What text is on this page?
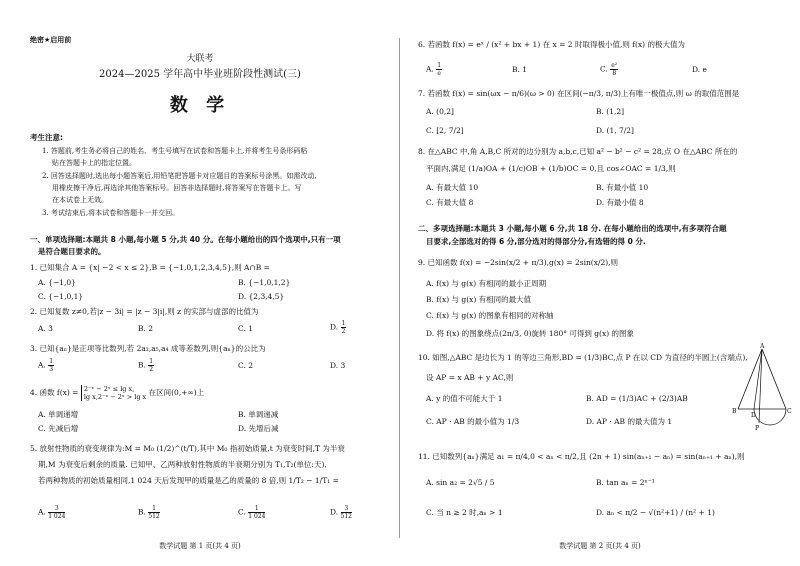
绝密★启用前
大联考
2024—2025 学年高中毕业班阶段性测试(三)
数 学
考生注意:
1. 答题前,考生务必将自己的姓名、考生号填写在试卷和答题卡上,并将考生号条形码粘
贴在答题卡上的指定位置。
2. 回答选择题时,选出每小题答案后,用铅笔把答题卡对应题目的答案标号涂黑。如需改动,
用橡皮擦干净后,再选涂其他答案标号。回答非选择题时,将答案写在答题卡上。写
在本试卷上无效。
3. 考试结束后,将本试卷和答题卡一并交回。
一、单项选择题:本题共 8 小题,每小题 5 分,共 40 分。在每小题给出的四个选项中,只有一项
是符合题目要求的。
1. 已知集合 A = {x| −2 < x ≤ 2},B = {−1,0,1,2,3,4,5},则 A∩B =
A. {−1,0}	B. {−1,0,1,2}
C. {−1,0,1}	D. {2,3,4,5}
2. 已知复数 z≠0,若|z − 3i| = |z − 3|i|,则 z 的实部与虚部的比值为
A. 3	B. 2	C. 1	D. $\frac{1}{2}$
3. 已知{aₙ}是正项等比数列,若 2a₃,a₅,a₄ 成等差数列,则{aₙ}的公比为
A. $\frac{1}{3}$	B. $\frac{1}{2}$	C. 2	D. 3
4. 函数 f(x) = 2⁻ˣ − 2ˣ ≤ lg x,
lg x,2⁻ˣ − 2ˣ > lg x 在区间(0,+∞)上
A. 单调递增	B. 单调递减
C. 先减后增	D. 先增后减
5. 放射性物质的衰变规律为:M = M₀ (1/2)^(t/T),其中 M₀ 指初始质量,t 为衰变时间,T 为半衰
期,M 为衰变后剩余的质量. 已知甲、乙两种放射性物质的半衰期分别为 T₁,T₂(单位:天),
若两种物质的初始质量相同,1 024 天后发现甲的质量是乙的质量的 8 倍,则 1/T₂ − 1/T₁ =
A. $\frac{3}{1 024}$	B. $\frac{1}{512}$	C. $\frac{1}{1 024}$	D. $\frac{3}{512}$
数学试题 第 1 页(共 4 页)
6. 若函数 f(x) = eˣ / (x² + bx + 1) 在 x = 2 时取得极小值,则 f(x) 的极大值为
A. $\frac{1}{e}$	B. 1	C. $\frac{\text{e²}}{8}$	D. e
7. 若函数 f(x) = sin(ωx − π/6)(ω > 0) 在区间(−π/3, π/3)上有唯一极值点,则 ω 的取值范围是
A. (0,2]	B. (1,2]
C. [2, 7/2]	D. (1, 7/2]
8. 在△ABC 中,角 A,B,C 所对的边分别为 a,b,c,已知 a² − b² − c² = 28,点 O 在△ABC 所在的
平面内,满足 (1/a)OA + (1/c)OB + (1/b)OC = 0,且 cos∠OAC = 1/3,则
A. 有最大值 10	B. 有最小值 10
C. 有最大值 8	D. 有最小值 8
二、多项选择题:本题共 3 小题,每小题 6 分,共 18 分. 在每小题给出的选项中,有多项符合题
目要求,全部选对的得 6 分,部分选对的得部分分,有选错的得 0 分.
9. 已知函数 f(x) = −2sin(x/2 + π/3),g(x) = 2sin(x/2),则
A. f(x) 与 g(x) 有相同的最小正周期
B. f(x) 与 g(x) 有相同的最大值
C. f(x) 与 g(x) 的图象有相同的对称轴
D. 将 f(x) 的图象绕点(2π/3, 0)旋转 180° 可得到 g(x) 的图象
10. 如图,△ABC 是边长为 1 的等边三角形,BD = (1/3)BC,点 P 在以 CD 为直径的半圆上(含端点),
设 AP = x AB + y AC,则
A. y 的值不可能大于 1	B. AD = (1/3)AC + (2/3)AB
C. AP · AB 的最小值为 1/3	D. AP · AB 的最大值为 1
A
B	C
D
P
11. 已知数列{aₙ}满足 a₁ = π/4,0 < aₙ < π/2,且 (2n + 1) sin(aₙ₊₁ − aₙ) = sin(aₙ₊₁ + aₙ),则
A. sin a₂ = 2√5 / 5	B. tan aₙ = 2ⁿ⁻¹
C. 当 n ≥ 2 时,aₙ > 1	D. aₙ < π/2 − √(n²+1) / (n² + 1)
数学试题 第 2 页(共 4 页)
